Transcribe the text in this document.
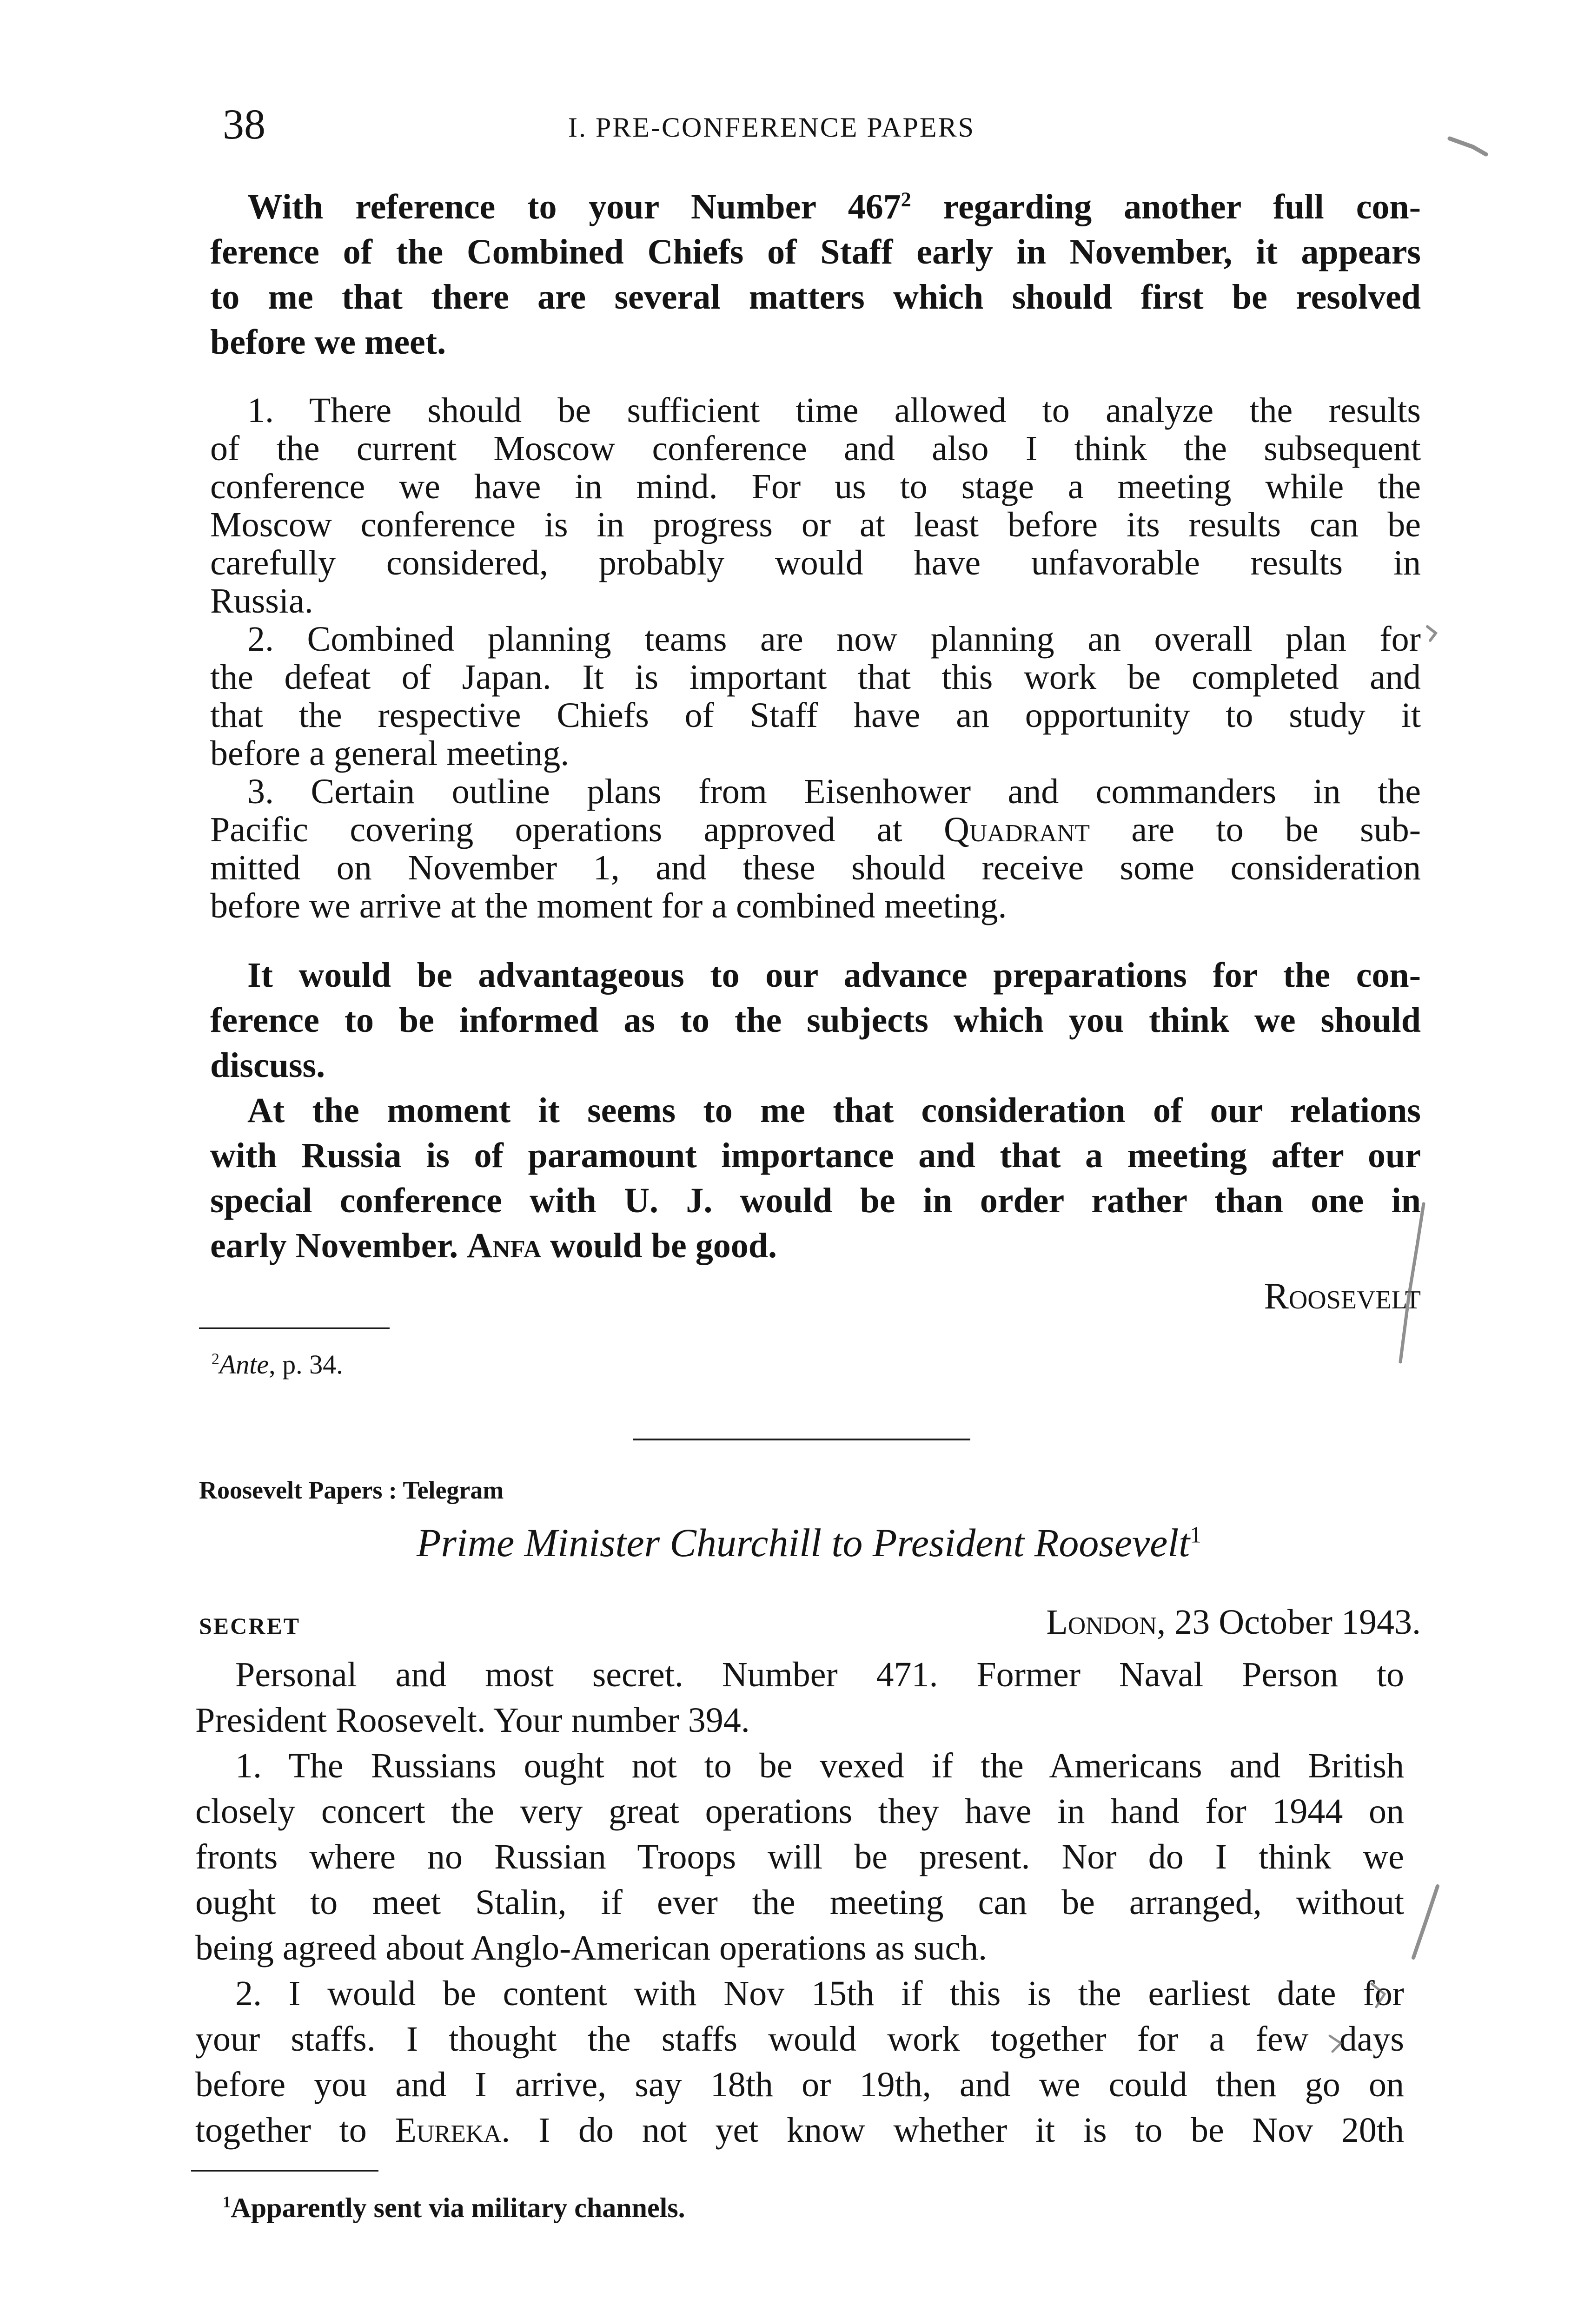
38	I. PRE-CONFERENCE PAPERS
With reference to your Number $467^2$ regarding another full con-
ference of the Combined Chiefs of Staff early in November, it appears
to me that there are several matters which should first be resolved
before we meet.
1. There should be sufficient time allowed to analyze the results
of the current Moscow conference and also I think the subsequent
conference we have in mind. For us to stage a meeting while the
Moscow conference is in progress or at least before its results can be
carefully considered, probably would have unfavorable results in
Russia.
2. Combined planning teams are now planning an overall plan for
the defeat of Japan. It is important that this work be completed and
that the respective Chiefs of Staff have an opportunity to study it
before a general meeting.
3. Certain outline plans from Eisenhower and commanders in the
Pacific covering operations approved at Quadrant are to be sub-
mitted on November 1, and these should receive some consideration
before we arrive at the moment for a combined meeting.
It would be advantageous to our advance preparations for the con-
ference to be informed as to the subjects which you think we should
discuss.
At the moment it seems to me that consideration of our relations
with Russia is of paramount importance and that a meeting after our
special conference with U. J. would be in order rather than one in
early November. Anfa would be good.
Roosevelt
$^2$Ante, p. 34.
Roosevelt Papers : Telegram
Prime Minister Churchill to President Roosevelt$^1$
SECRET	London, 23 October 1943.
Personal and most secret. Number 471. Former Naval Person to
President Roosevelt. Your number 394.
1. The Russians ought not to be vexed if the Americans and British
closely concert the very great operations they have in hand for 1944 on
fronts where no Russian Troops will be present. Nor do I think we
ought to meet Stalin, if ever the meeting can be arranged, without
being agreed about Anglo-American operations as such.
2. I would be content with Nov 15th if this is the earliest date for
your staffs. I thought the staffs would work together for a few days
before you and I arrive, say 18th or 19th, and we could then go on
together to Eureka. I do not yet know whether it is to be Nov 20th
$^1$Apparently sent via military channels.
